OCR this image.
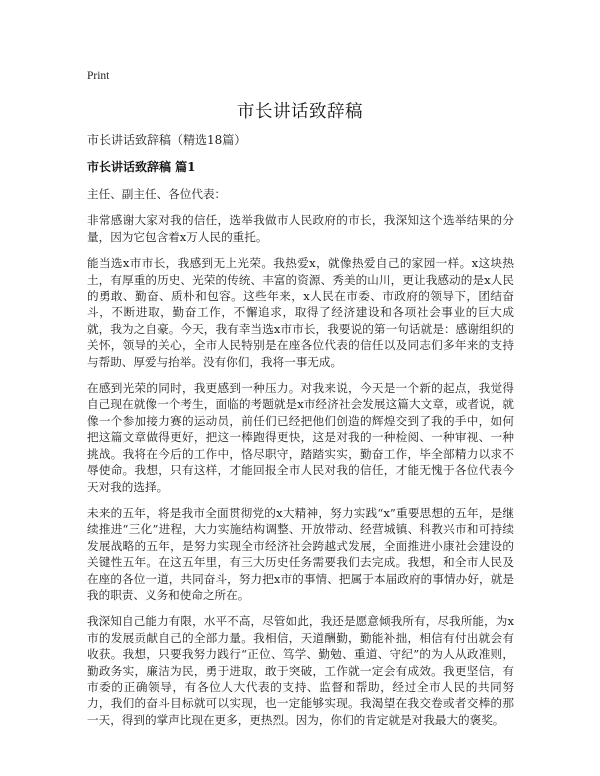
Print
市长讲话致辞稿
市长讲话致辞稿（精选18篇）
市长讲话致辞稿 篇1

主任、副主任、各位代表：

非常感谢大家对我的信任，选举我做市人民政府的市长，我深知这个选举结果的分量，因为它包含着x万人民的重托。

能当选x市市长，我感到无上光荣。我热爱x，就像热爱自己的家园一样。x这块热土，有厚重的历史、光荣的传统、丰富的资源、秀美的山川，更让我感动的是x人民的勇敢、勤奋、质朴和包容。这些年来，x人民在市委、市政府的领导下，团结奋斗，不断进取，勤奋工作，不懈追求，取得了经济建设和各项社会事业的巨大成就，我为之自豪。今天，我有幸当选x市市长，我要说的第一句话就是：感谢组织的关怀，领导的关心，全市人民特别是在座各位代表的信任以及同志们多年来的支持与帮助、厚爱与抬举。没有你们，我将一事无成。

在感到光荣的同时，我更感到一种压力。对我来说，今天是一个新的起点，我觉得自己现在就像一个考生，面临的考题就是x市经济社会发展这篇大文章，或者说，就像一个参加接力赛的运动员，前任们已经把他们创造的辉煌交到了我的手中，如何把这篇文章做得更好，把这一棒跑得更快，这是对我的一种检阅、一种审视、一种挑战。我将在今后的工作中，恪尽职守，踏踏实实，勤奋工作，毕全部精力以求不辱使命。我想，只有这样，才能回报全市人民对我的信任，才能无愧于各位代表今天对我的选择。

未来的五年，将是我市全面贯彻党的x大精神，努力实践“x”重要思想的五年，是继续推进“三化”进程，大力实施结构调整、开放带动、经营城镇、科教兴市和可持续发展战略的五年，是努力实现全市经济社会跨越式发展，全面推进小康社会建设的关键性五年。在这五年里，有三大历史任务需要我们去完成。我想，和全市人民及在座的各位一道，共同奋斗，努力把x市的事情、把属于本届政府的事情办好，就是我的职责、义务和使命之所在。

我深知自己能力有限，水平不高，尽管如此，我还是愿意倾我所有，尽我所能，为x市的发展贡献自己的全部力量。我相信，天道酬勤，勤能补拙，相信有付出就会有收获。我想，只要我努力践行“正位、笃学、勤勉、重道、守纪”的为人从政准则，勤政务实，廉洁为民，勇于进取，敢于突破，工作就一定会有成效。我更坚信，有市委的正确领导，有各位人大代表的支持、监督和帮助，经过全市人民的共同努力，我们的奋斗目标就可以实现，也一定能够实现。我渴望在我交卷或者交棒的那一天，得到的掌声比现在更多，更热烈。因为，你们的肯定就是对我最大的褒奖。
